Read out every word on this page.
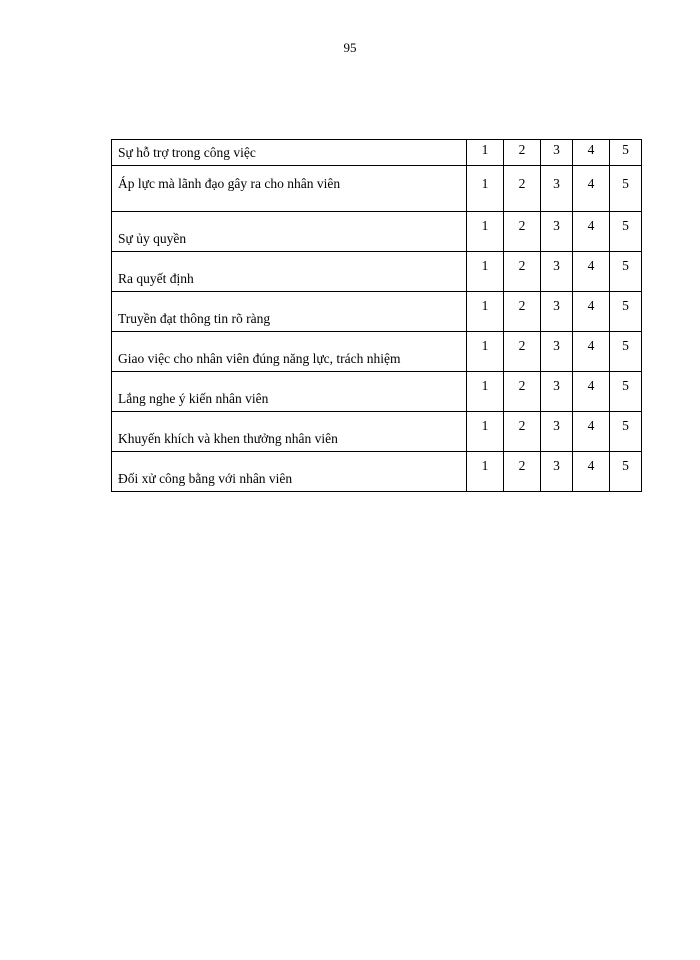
95
Sự hỗ trợ trong công việc	1	2	3	4	5
Áp lực mà lãnh đạo gây ra cho nhân viên	1	2	3	4	5
Sự ủy quyền	1	2	3	4	5
Ra quyết định	1	2	3	4	5
Truyền đạt thông tin rõ ràng	1	2	3	4	5
Giao việc cho nhân viên đúng năng lực, trách nhiệm	1	2	3	4	5
Lắng nghe ý kiến nhân viên	1	2	3	4	5
Khuyến khích và khen thưởng nhân viên	1	2	3	4	5
Đối xử công bằng với nhân viên	1	2	3	4	5
